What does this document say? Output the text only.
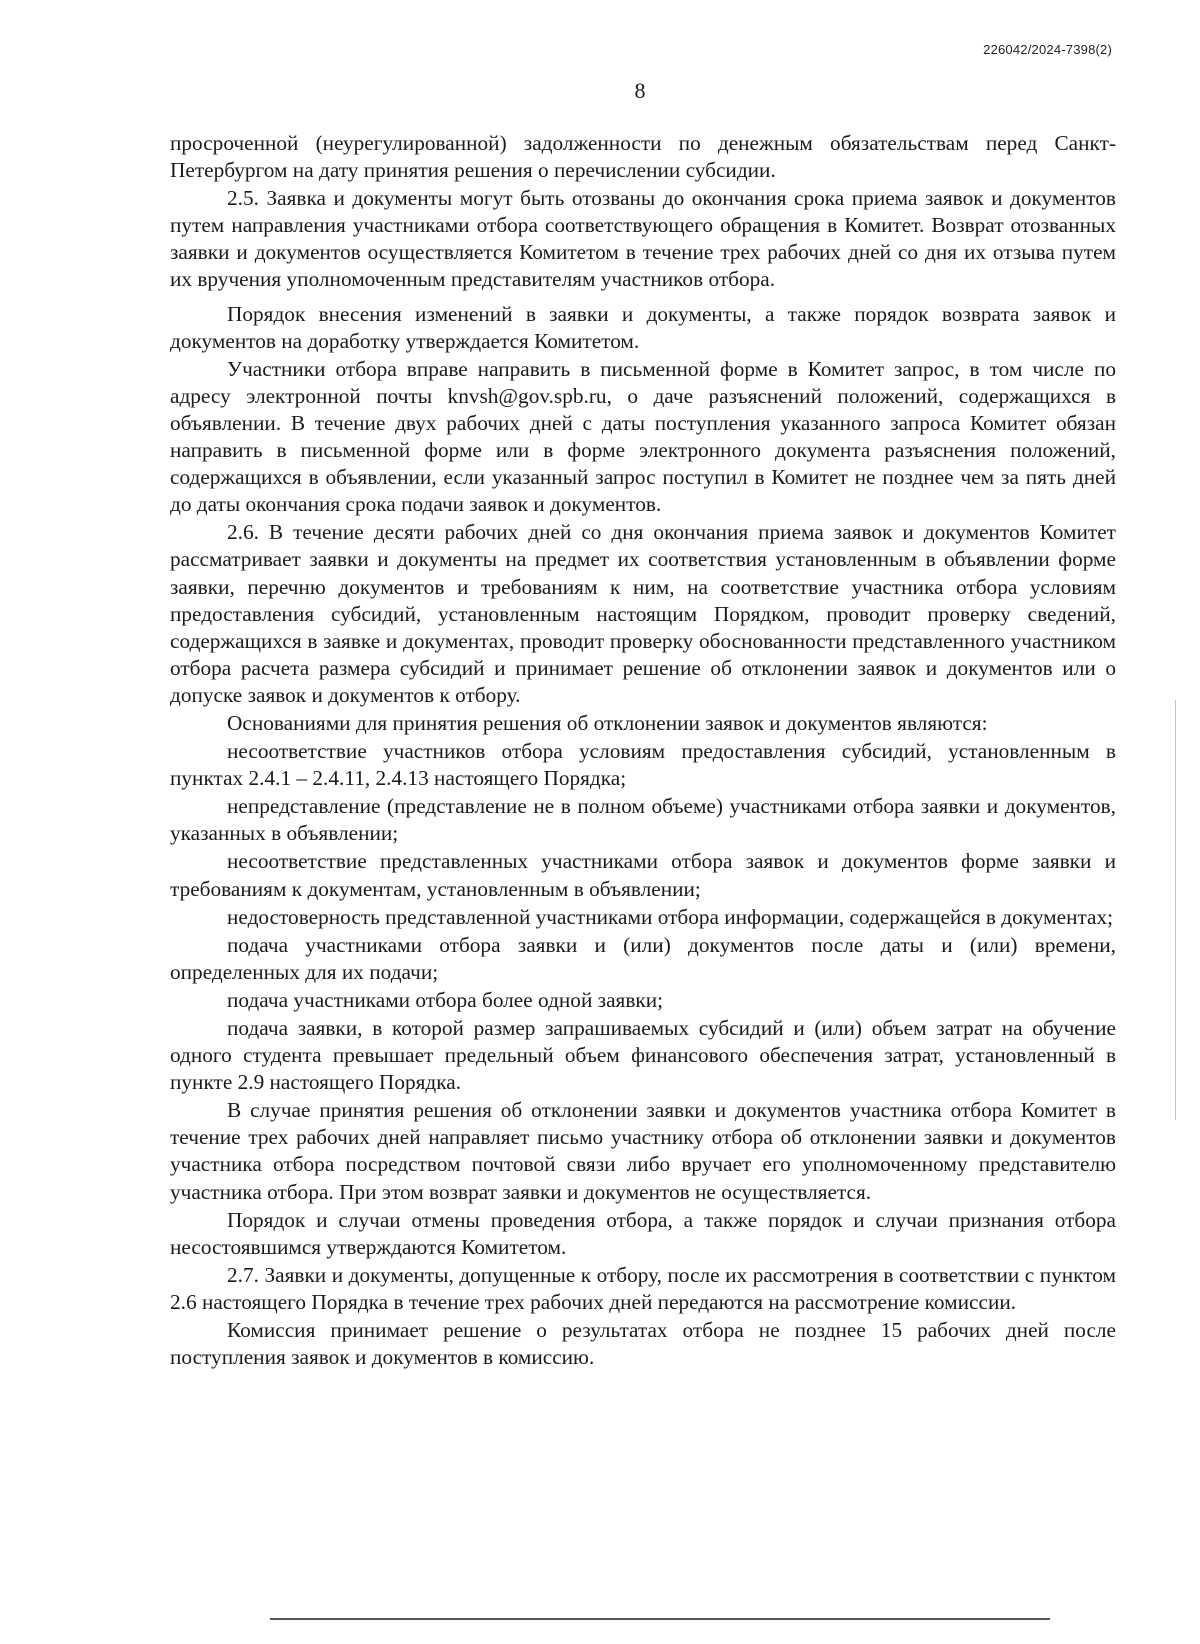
226042/2024-7398(2)
8

просроченной (неурегулированной) задолженности по денежным обязательствам перед Санкт-Петербургом на дату принятия решения о перечислении субсидии.

2.5. Заявка и документы могут быть отозваны до окончания срока приема заявок и документов путем направления участниками отбора соответствующего обращения в Комитет. Возврат отозванных заявки и документов осуществляется Комитетом в течение трех рабочих дней со дня их отзыва путем их вручения уполномоченным представителям участников отбора.

Порядок внесения изменений в заявки и документы, а также порядок возврата заявок и документов на доработку утверждается Комитетом.

Участники отбора вправе направить в письменной форме в Комитет запрос, в том числе по адресу электронной почты knvsh@gov.spb.ru, о даче разъяснений положений, содержащихся в объявлении. В течение двух рабочих дней с даты поступления указанного запроса Комитет обязан направить в письменной форме или в форме электронного документа разъяснения положений, содержащихся в объявлении, если указанный запрос поступил в Комитет не позднее чем за пять дней до даты окончания срока подачи заявок и документов.

2.6. В течение десяти рабочих дней со дня окончания приема заявок и документов Комитет рассматривает заявки и документы на предмет их соответствия установленным в объявлении форме заявки, перечню документов и требованиям к ним, на соответствие участника отбора условиям предоставления субсидий, установленным настоящим Порядком, проводит проверку сведений, содержащихся в заявке и документах, проводит проверку обоснованности представленного участником отбора расчета размера субсидий и принимает решение об отклонении заявок и документов или о допуске заявок и документов к отбору.

Основаниями для принятия решения об отклонении заявок и документов являются:

несоответствие участников отбора условиям предоставления субсидий, установленным в пунктах 2.4.1 – 2.4.11, 2.4.13 настоящего Порядка;

непредставление (представление не в полном объеме) участниками отбора заявки и документов, указанных в объявлении;

несоответствие представленных участниками отбора заявок и документов форме заявки и требованиям к документам, установленным в объявлении;

недостоверность представленной участниками отбора информации, содержащейся в документах;

подача участниками отбора заявки и (или) документов после даты и (или) времени, определенных для их подачи;

подача участниками отбора более одной заявки;

подача заявки, в которой размер запрашиваемых субсидий и (или) объем затрат на обучение одного студента превышает предельный объем финансового обеспечения затрат, установленный в пункте 2.9 настоящего Порядка.

В случае принятия решения об отклонении заявки и документов участника отбора Комитет в течение трех рабочих дней направляет письмо участнику отбора об отклонении заявки и документов участника отбора посредством почтовой связи либо вручает его уполномоченному представителю участника отбора. При этом возврат заявки и документов не осуществляется.

Порядок и случаи отмены проведения отбора, а также порядок и случаи признания отбора несостоявшимся утверждаются Комитетом.

2.7. Заявки и документы, допущенные к отбору, после их рассмотрения в соответствии с пунктом 2.6 настоящего Порядка в течение трех рабочих дней передаются на рассмотрение комиссии.

Комиссия принимает решение о результатах отбора не позднее 15 рабочих дней после поступления заявок и документов в комиссию.
